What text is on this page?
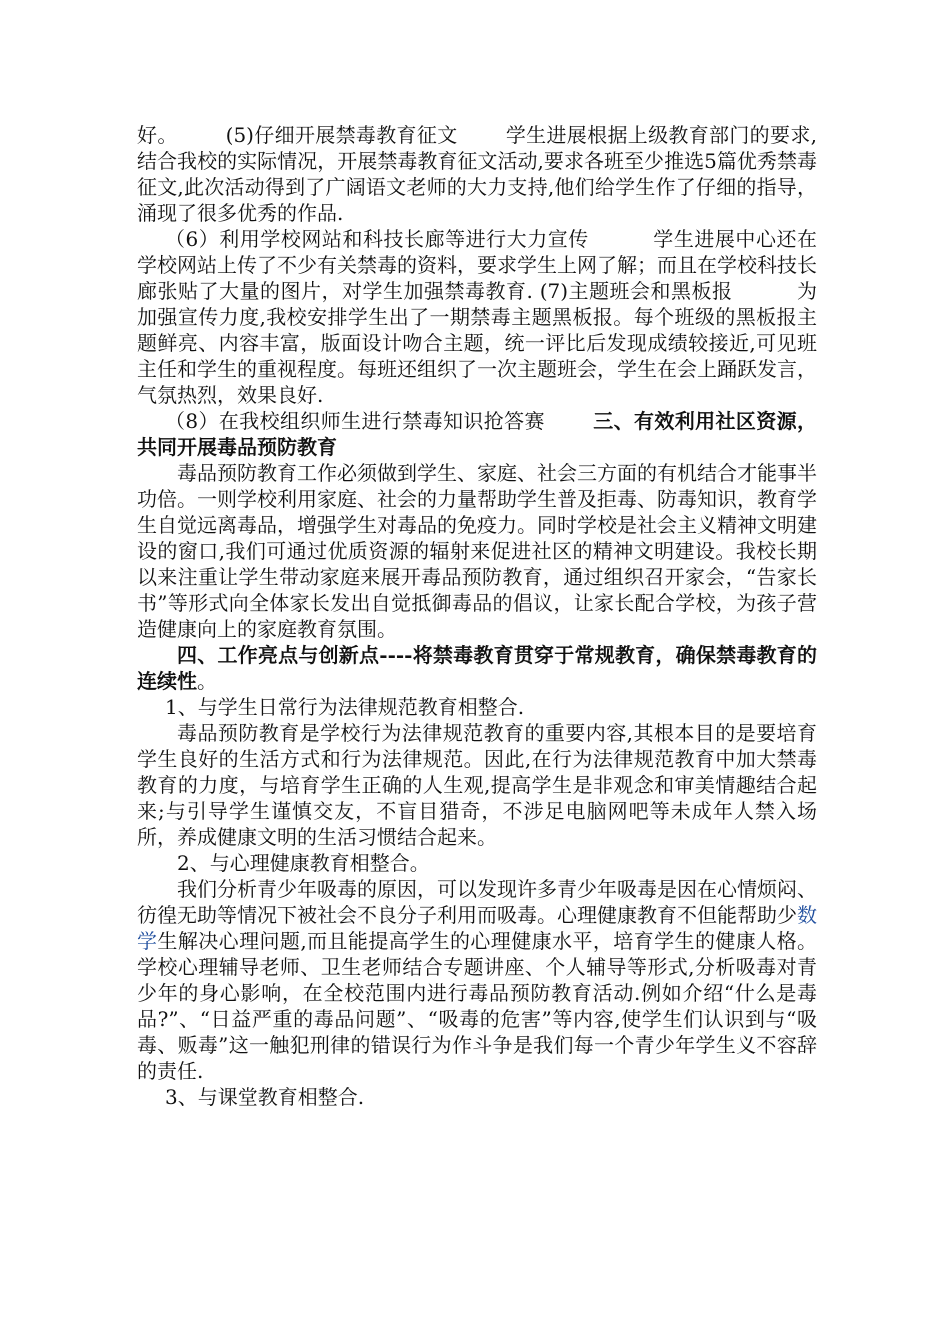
好。 (5)仔细开展禁毒教育征文 学生进展根据上级教育部门的要求,结合我校的实际情况，开展禁毒教育征文活动,要求各班至少推选5篇优秀禁毒征文,此次活动得到了广阔语文老师的大力支持,他们给学生作了仔细的指导，涌现了很多优秀的作品.

（6）利用学校网站和科技长廊等进行大力宣传	学生进展中心还在学校网站上传了不少有关禁毒的资料，要求学生上网了解；而且在学校科技长廊张贴了大量的图片，对学生加强禁毒教育. (7)主题班会和黑板报	为加强宣传力度,我校安排学生出了一期禁毒主题黑板报。每个班级的黑板报主题鲜亮、内容丰富，版面设计吻合主题，统一评比后发现成绩较接近,可见班主任和学生的重视程度。每班还组织了一次主题班会，学生在会上踊跃发言，气氛热烈，效果良好.

（8）在我校组织师生进行禁毒知识抢答赛 三、有效利用社区资源，共同开展毒品预防教育

毒品预防教育工作必须做到学生、家庭、社会三方面的有机结合才能事半功倍。一则学校利用家庭、社会的力量帮助学生普及拒毒、防毒知识，教育学生自觉远离毒品，增强学生对毒品的免疫力。同时学校是社会主义精神文明建设的窗口,我们可通过优质资源的辐射来促进社区的精神文明建设。我校长期以来注重让学生带动家庭来展开毒品预防教育，通过组织召开家会，“告家长书”等形式向全体家长发出自觉抵御毒品的倡议，让家长配合学校，为孩子营造健康向上的家庭教育氛围。

四、工作亮点与创新点----将禁毒教育贯穿于常规教育，确保禁毒教育的连续性。

1、与学生日常行为法律规范教育相整合.

毒品预防教育是学校行为法律规范教育的重要内容,其根本目的是要培育学生良好的生活方式和行为法律规范。因此,在行为法律规范教育中加大禁毒教育的力度，与培育学生正确的人生观,提高学生是非观念和审美情趣结合起来;与引导学生谨慎交友，不盲目猎奇，不涉足电脑网吧等未成年人禁入场所，养成健康文明的生活习惯结合起来。

2、与心理健康教育相整合。

我们分析青少年吸毒的原因，可以发现许多青少年吸毒是因在心情烦闷、彷徨无助等情况下被社会不良分子利用而吸毒。心理健康教育不但能帮助少数学生解决心理问题,而且能提高学生的心理健康水平，培育学生的健康人格。学校心理辅导老师、卫生老师结合专题讲座、个人辅导等形式,分析吸毒对青少年的身心影响，在全校范围内进行毒品预防教育活动.例如介绍“什么是毒品?”、“日益严重的毒品问题”、“吸毒的危害”等内容,使学生们认识到与“吸毒、贩毒”这一触犯刑律的错误行为作斗争是我们每一个青少年学生义不容辞的责任.

3、与课堂教育相整合.
